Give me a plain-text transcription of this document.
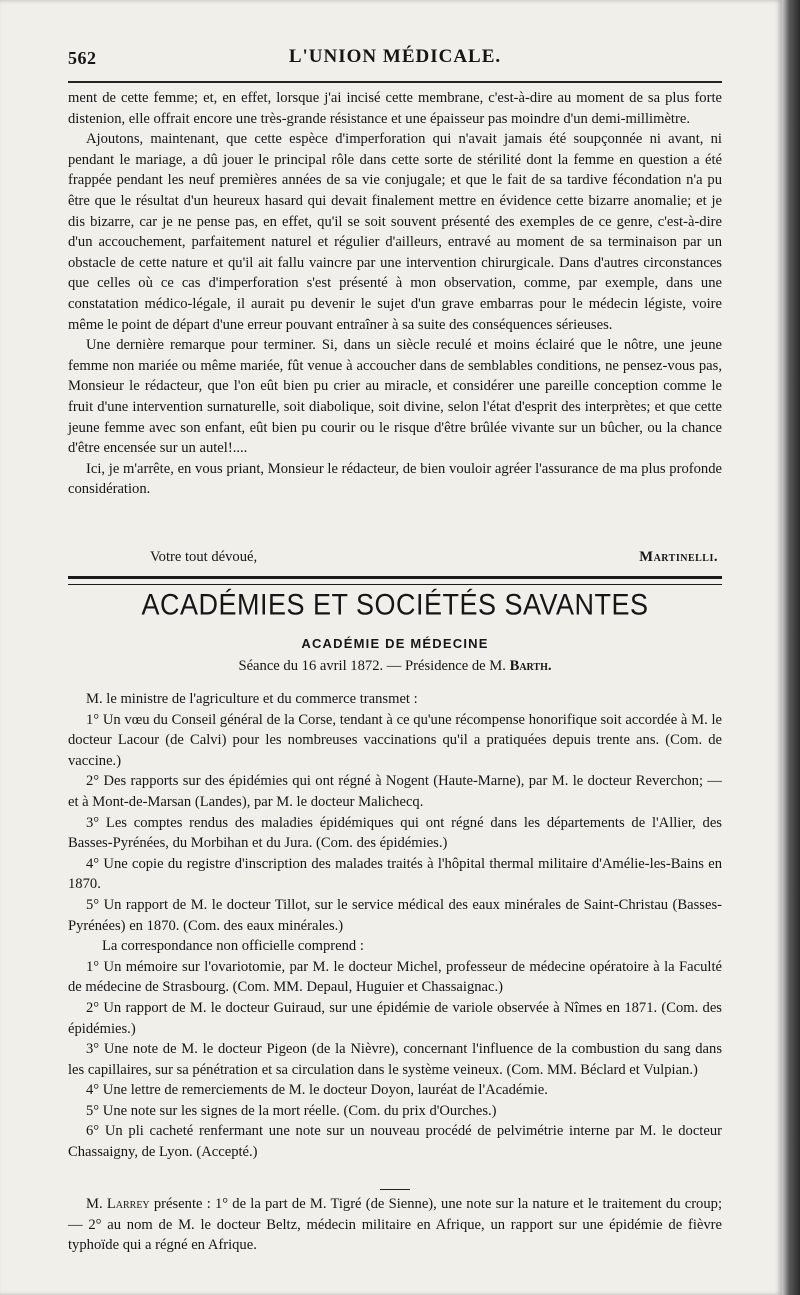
562	L'UNION MÉDICALE.

ment de cette femme; et, en effet, lorsque j'ai incisé cette membrane, c'est-à-dire au moment de sa plus forte distenion, elle offrait encore une très-grande résistance et une épaisseur pas moindre d'un demi-millimètre.

Ajoutons, maintenant, que cette espèce d'imperforation qui n'avait jamais été soupçonnée ni avant, ni pendant le mariage, a dû jouer le principal rôle dans cette sorte de stérilité dont la femme en question a été frappée pendant les neuf premières années de sa vie conjugale; et que le fait de sa tardive fécondation n'a pu être que le résultat d'un heureux hasard qui devait finalement mettre en évidence cette bizarre anomalie; et je dis bizarre, car je ne pense pas, en effet, qu'il se soit souvent présenté des exemples de ce genre, c'est-à-dire d'un accouchement, parfaitement naturel et régulier d'ailleurs, entravé au moment de sa terminaison par un obstacle de cette nature et qu'il ait fallu vaincre par une intervention chirurgicale. Dans d'autres circonstances que celles où ce cas d'imperforation s'est présenté à mon observation, comme, par exemple, dans une constatation médico-légale, il aurait pu devenir le sujet d'un grave embarras pour le médecin légiste, voire même le point de départ d'une erreur pouvant entraîner à sa suite des conséquences sérieuses.

Une dernière remarque pour terminer. Si, dans un siècle reculé et moins éclairé que le nôtre, une jeune femme non mariée ou même mariée, fût venue à accoucher dans de semblables conditions, ne pensez-vous pas, Monsieur le rédacteur, que l'on eût bien pu crier au miracle, et considérer une pareille conception comme le fruit d'une intervention surnaturelle, soit diabolique, soit divine, selon l'état d'esprit des interprètes; et que cette jeune femme avec son enfant, eût bien pu courir ou le risque d'être brûlée vivante sur un bûcher, ou la chance d'être encensée sur un autel!....

Ici, je m'arrête, en vous priant, Monsieur le rédacteur, de bien vouloir agréer l'assurance de ma plus profonde considération.

Votre tout dévoué,	Martinelli.
ACADÉMIES ET SOCIÉTÉS SAVANTES
ACADÉMIE DE MÉDECINE
Séance du 16 avril 1872. — Présidence de M. Barth.

M. le ministre de l'agriculture et du commerce transmet :

1° Un vœu du Conseil général de la Corse, tendant à ce qu'une récompense honorifique soit accordée à M. le docteur Lacour (de Calvi) pour les nombreuses vaccinations qu'il a pratiquées depuis trente ans. (Com. de vaccine.)

2° Des rapports sur des épidémies qui ont régné à Nogent (Haute-Marne), par M. le docteur Reverchon; — et à Mont-de-Marsan (Landes), par M. le docteur Malichecq.

3° Les comptes rendus des maladies épidémiques qui ont régné dans les départements de l'Allier, des Basses-Pyrénées, du Morbihan et du Jura. (Com. des épidémies.)

4° Une copie du registre d'inscription des malades traités à l'hôpital thermal militaire d'Amélie-les-Bains en 1870.

5° Un rapport de M. le docteur Tillot, sur le service médical des eaux minérales de Saint-Christau (Basses-Pyrénées) en 1870. (Com. des eaux minérales.)

La correspondance non officielle comprend :

1° Un mémoire sur l'ovariotomie, par M. le docteur Michel, professeur de médecine opératoire à la Faculté de médecine de Strasbourg. (Com. MM. Depaul, Huguier et Chassaignac.)

2° Un rapport de M. le docteur Guiraud, sur une épidémie de variole observée à Nîmes en 1871. (Com. des épidémies.)

3° Une note de M. le docteur Pigeon (de la Nièvre), concernant l'influence de la combustion du sang dans les capillaires, sur sa pénétration et sa circulation dans le système veineux. (Com. MM. Béclard et Vulpian.)

4° Une lettre de remerciements de M. le docteur Doyon, lauréat de l'Académie.

5° Une note sur les signes de la mort réelle. (Com. du prix d'Ourches.)

6° Un pli cacheté renfermant une note sur un nouveau procédé de pelvimétrie interne par M. le docteur Chassaigny, de Lyon. (Accepté.)

M. Larrey présente : 1° de la part de M. Tigré (de Sienne), une note sur la nature et le traitement du croup; — 2° au nom de M. le docteur Beltz, médecin militaire en Afrique, un rapport sur une épidémie de fièvre typhoïde qui a régné en Afrique.
